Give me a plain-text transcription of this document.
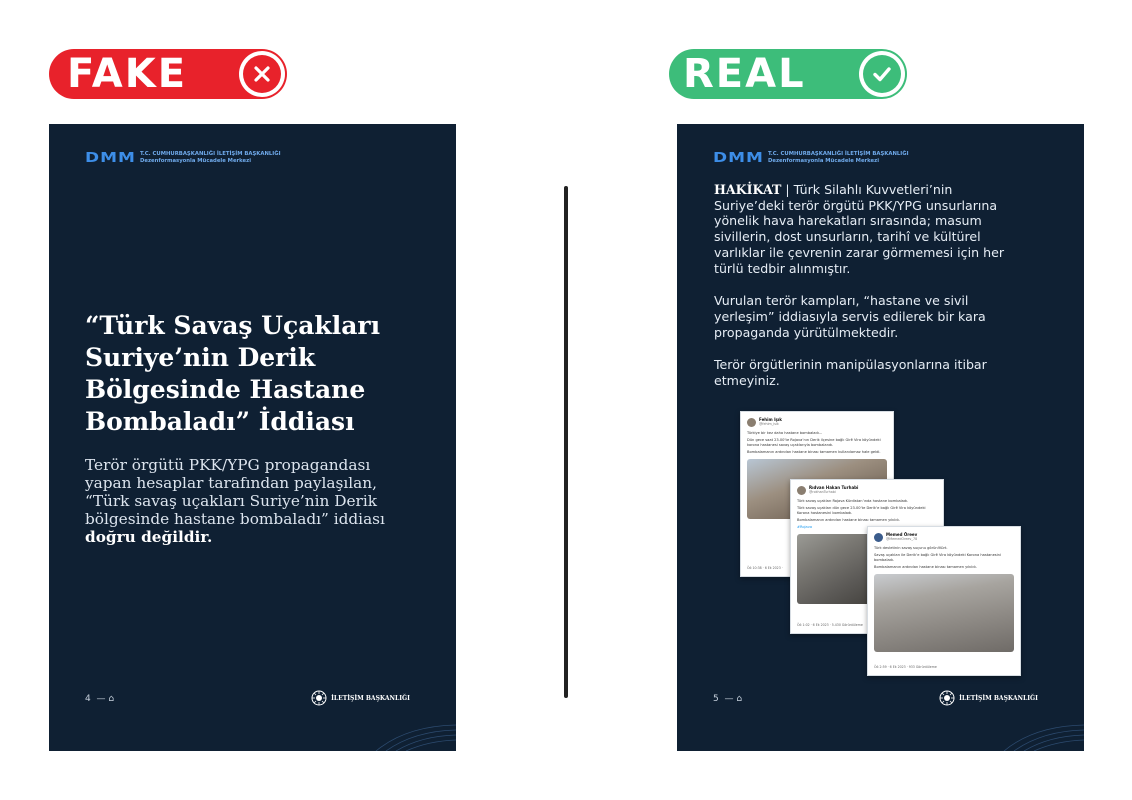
FAKE	REAL
DMM T.C. CUMHURBAŞKANLIĞI İLETİŞİM BAŞKANLIĞI
Dezenformasyonla Mücadele Merkezi
“Türk Savaş Uçakları Suriye’nin Derik Bölgesinde Hastane Bombaladı” İddiası
Terör örgütü PKK/YPG propagandası yapan hesaplar tarafından paylaşılan, “Türk savaş uçakları Suriye’nin Derik bölgesinde hastane bombaladı” iddiası doğru değildir.
4  — ⌂	İLETİŞİM BAŞKANLIĞI
DMM T.C. CUMHURBAŞKANLIĞI İLETİŞİM BAŞKANLIĞI
Dezenformasyonla Mücadele Merkezi

HAKİKAT | Türk Silahlı Kuvvetleri’nin Suriye’deki terör örgütü PKK/YPG unsurlarına yönelik hava harekatları sırasında; masum sivillerin, dost unsurların, tarihî ve kültürel varlıklar ile çevrenin zarar görmemesi için her türlü tedbir alınmıştır.

Vurulan terör kampları, “hastane ve sivil yerleşim” iddiasıyla servis edilerek bir kara propaganda yürütülmektedir.

Terör örgütlerinin manipülasyonlarına itibar etmeyiniz.

Fehim Işık
@fehim_isik
Türkiye bir kez daha hastane bombaladı…
Dün gece saat 23.00’te Rojava’nın Derik ilçesine bağlı Girê Vira köyündeki korona hastanesi savaş uçaklarıyla bombalandı.
Bombalamanın ardından hastane binası tamamen kullanılamaz hale geldi.
Öö 10:38 · 6 Ek 2023 ·
Rıdvan Hakan Turhabi
@rokhanTurhabi
Türk savaş uçakları Rojava Kürdistan’ında hastane bombaladı.
Türk savaş uçakları dün gece 23.00’te Derik’e bağlı Girê Vira köyündeki Korona hastanesini bombaladı.
Bombalamanın ardından hastane binası tamamen yıkıldı.
#Rojava
Öö 1:02 · 6 Ek 2023 · 5.430 Görüntüleme
Memed Öreev
@MemedOreev_78
Türk devletinin savaş suçunu görün!Kürt.
Savaş uçakları ile Derik’e bağlı Girê Vira köyündeki Korona hastanesini bombaladı.
Bombalamanın ardından hastane binası tamamen yıkıldı.
Öö 2:59 · 6 Ek 2023 · 933 Görüntüleme
5  — ⌂	İLETİŞİM BAŞKANLIĞI
